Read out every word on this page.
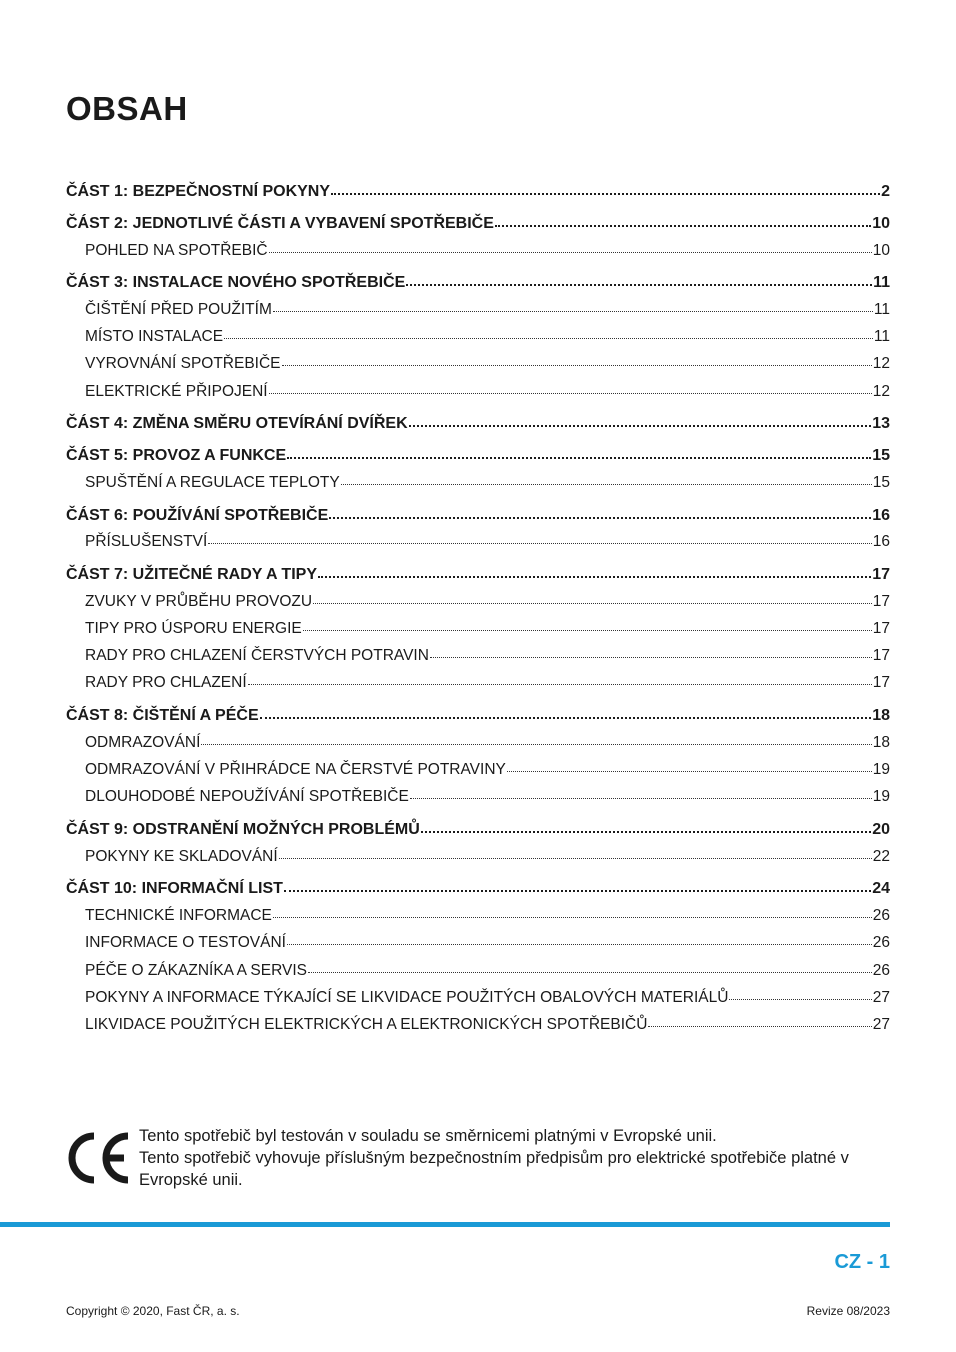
OBSAH
ČÁST 1: BEZPEČNOSTNÍ POKYNY	2
ČÁST 2: JEDNOTLIVÉ ČÁSTI A VYBAVENÍ SPOTŘEBIČE	10
POHLED NA SPOTŘEBIČ	10
ČÁST 3: INSTALACE NOVÉHO SPOTŘEBIČE	11
ČIŠTĚNÍ PŘED POUŽITÍM	11
MÍSTO INSTALACE	11
VYROVNÁNÍ SPOTŘEBIČE	12
ELEKTRICKÉ PŘIPOJENÍ	12
ČÁST 4: ZMĚNA SMĚRU OTEVÍRÁNÍ DVÍŘEK	13
ČÁST 5: PROVOZ A FUNKCE	15
SPUŠTĚNÍ A REGULACE TEPLOTY	15
ČÁST 6: POUŽÍVÁNÍ SPOTŘEBIČE	16
PŘÍSLUŠENSTVÍ	16
ČÁST 7: UŽITEČNÉ RADY A TIPY	17
ZVUKY V PRŮBĚHU PROVOZU	17
TIPY PRO ÚSPORU ENERGIE	17
RADY PRO CHLAZENÍ ČERSTVÝCH POTRAVIN	17
RADY PRO CHLAZENÍ	17
ČÁST 8: ČIŠTĚNÍ A PÉČE	18
ODMRAZOVÁNÍ	18
ODMRAZOVÁNÍ V PŘIHRÁDCE NA ČERSTVÉ POTRAVINY	19
DLOUHODOBÉ NEPOUŽÍVÁNÍ SPOTŘEBIČE	19
ČÁST 9: ODSTRANĚNÍ MOŽNÝCH PROBLÉMŮ	20
POKYNY KE SKLADOVÁNÍ	22
ČÁST 10: INFORMAČNÍ LIST	24
TECHNICKÉ INFORMACE	26
INFORMACE O TESTOVÁNÍ	26
PÉČE O ZÁKAZNÍKA A SERVIS	26
POKYNY A INFORMACE TÝKAJÍCÍ SE LIKVIDACE POUŽITÝCH OBALOVÝCH MATERIÁLŮ	27
LIKVIDACE POUŽITÝCH ELEKTRICKÝCH A ELEKTRONICKÝCH SPOTŘEBIČŮ	27

Tento spotřebič byl testován v souladu se směrnicemi platnými v Evropské unii.

Tento spotřebič vyhovuje příslušným bezpečnostním předpisům pro elektrické spotřebiče platné v Evropské unii.

CZ - 1
Copyright © 2020, Fast ČR, a. s.	Revize 08/2023
